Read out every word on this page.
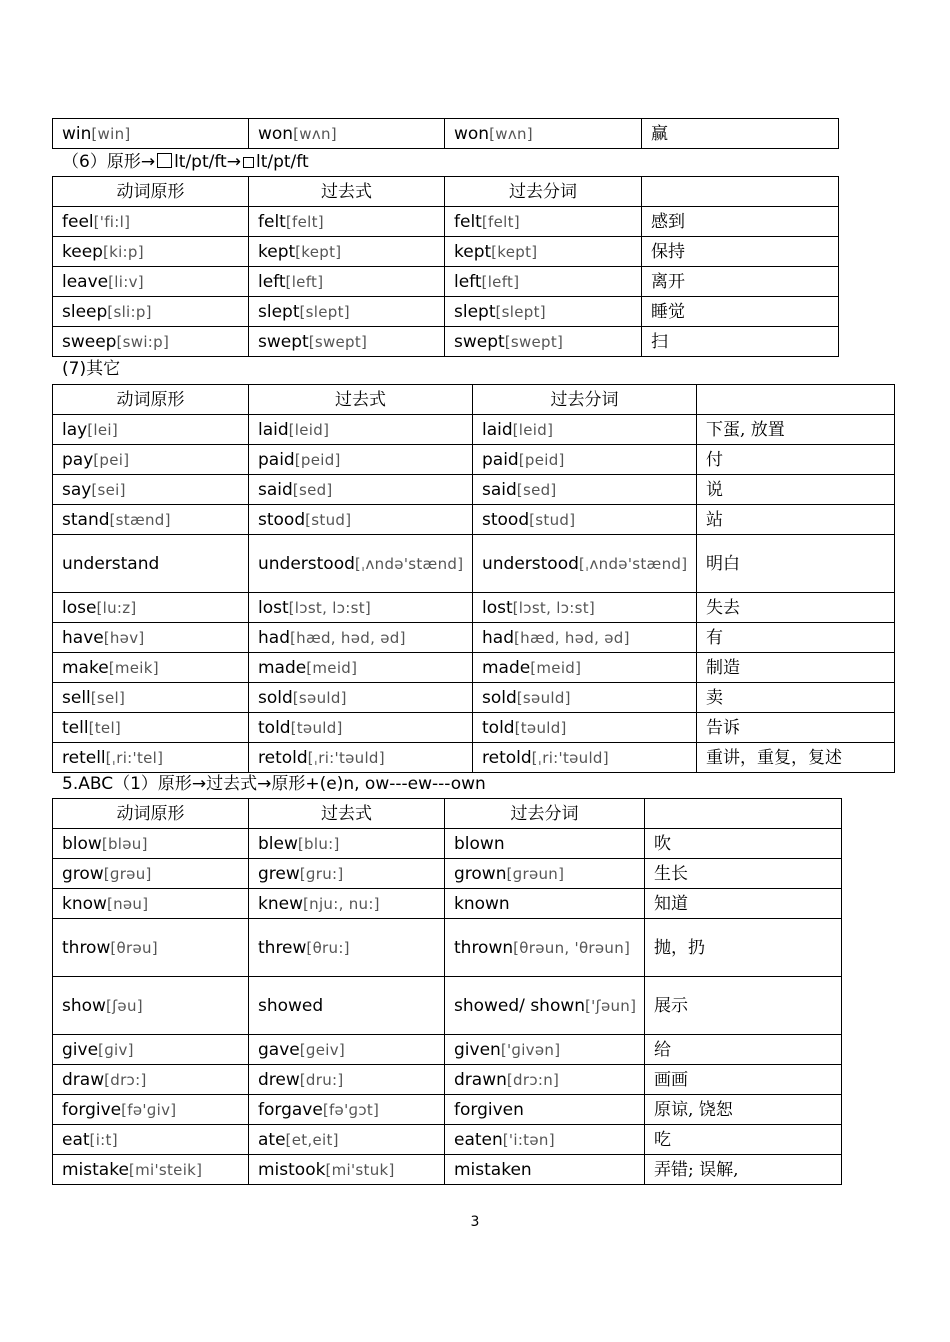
win[win]	won[wʌn]	won[wʌn]	赢
（6）原形→ lt/pt/ft→ lt/pt/ft
动词原形	过去式	过去分词	
feel['fi:l]	felt[felt]	felt[felt]	感到
keep[ki:p]	kept[kept]	kept[kept]	保持
leave[li:v]	left[left]	left[left]	离开
sleep[sli:p]	slept[slept]	slept[slept]	睡觉
sweep[swi:p]	swept[swept]	swept[swept]	扫
(7)其它
动词原形	过去式	过去分词	
lay[lei]	laid[leid]	laid[leid]	下蛋, 放置
pay[pei]	paid[peid]	paid[peid]	付
say[sei]	said[sed]	said[sed]	说
stand[stænd]	stood[stud]	stood[stud]	站
understand	understood[ˌʌndə'stænd]	understood[ˌʌndə'stænd]	明白
lose[lu:z]	lost[lɔst, lɔ:st]	lost[lɔst, lɔ:st]	失去
have[həv]	had[hæd, həd, əd]	had[hæd, həd, əd]	有
make[meik]	made[meid]	made[meid]	制造
sell[sel]	sold[səuld]	sold[səuld]	卖
tell[tel]	told[təuld]	told[təuld]	告诉
retell[ˌri:'tel]	retold[ˌri:'təuld]	retold[ˌri:'təuld]	重讲，重复，复述
5.ABC（1）原形→过去式→原形+(e)n, ow---ew---own
动词原形	过去式	过去分词	
blow[bləu]	blew[blu:]	blown	吹
grow[ɡrəu]	grew[ɡru:]	grown[ɡrəun]	生长
know[nəu]	knew[nju:, nu:]	known	知道
throw[θrəu]	threw[θru:]	thrown[θrəun, 'θrəun]	抛，扔
show[ʃəu]	showed	showed/ shown['ʃəun]	展示
give[ɡiv]	gave[ɡeiv]	given['ɡivən]	给
draw[drɔ:]	drew[dru:]	drawn[drɔ:n]	画画
forgive[fə'ɡiv]	forgave[fə'ɡɔt]	forgiven	原谅, 饶恕
eat[i:t]	ate[et,eit]	eaten['i:tən]	吃
mistake[mi'steik]	mistook[mi'stuk]	mistaken	弄错; 误解,
3
